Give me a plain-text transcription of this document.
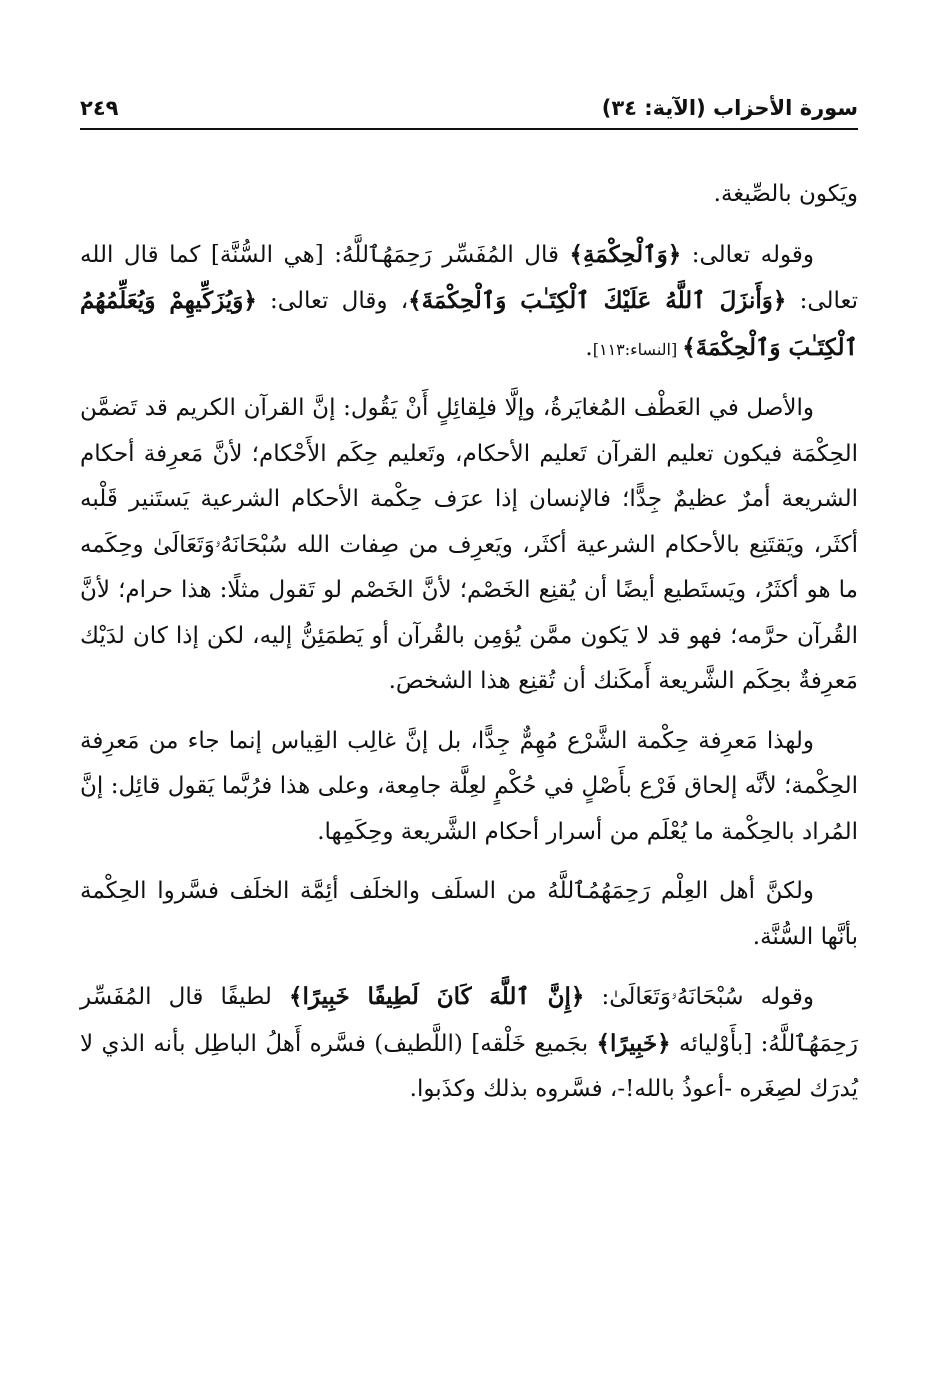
سورة الأحزاب (الآية: ٣٤)
٢٤٩

ويَكون بالصِّيغة.

وقوله تعالى: ﴿وَٱلْحِكْمَةِ﴾ قال المُفَسِّر رَحِمَهُٱللَّهُ: [هي السُّنَّة] كما قال الله تعالى: ﴿وَأَنزَلَ ٱللَّهُ عَلَيْكَ ٱلْكِتَـٰبَ وَٱلْحِكْمَةَ﴾، وقال تعالى: ﴿وَيُزَكِّيهِمْ وَيُعَلِّمُهُمُ ٱلْكِتَـٰبَ وَٱلْحِكْمَةَ﴾ [النساء:١١٣].

والأصل في العَطْف المُغايَرةُ، وإلَّا فلِقائِلٍ أَنْ يَقُول: إنَّ القرآن الكريم قد تَضمَّن الحِكْمَة فيكون تعليم القرآن تَعليم الأحكام، وتَعليم حِكَم الأَحْكام؛ لأنَّ مَعرِفة أحكام الشريعة أمرٌ عظيمٌ جِدًّا؛ فالإنسان إذا عرَف حِكْمة الأحكام الشرعية يَستَنير قَلْبه أكثَر، ويَقتَنِع بالأحكام الشرعية أكثَر، ويَعرِف من صِفات الله سُبْحَانَهُۥوَتَعَالَىٰ وحِكَمه ما هو أكثَرُ، ويَستَطيع أيضًا أن يُقنِع الخَصْم؛ لأنَّ الخَصْم لو تَقول مثلًا: هذا حرام؛ لأنَّ القُرآن حرَّمه؛ فهو قد لا يَكون ممَّن يُؤمِن بالقُرآن أو يَطمَئِنُّ إليه، لكن إذا كان لدَيْك مَعرِفةٌ بحِكَم الشَّريعة أَمكَنك أن تُقنِع هذا الشخصَ.

ولهذا مَعرِفة حِكْمة الشَّرْع مُهِمٌّ جِدًّا، بل إنَّ غالِب القِياس إنما جاء من مَعرِفة الحِكْمة؛ لأنَّه إلحاق فَرْع بأَصْلٍ في حُكْمٍ لعِلَّة جامِعة، وعلى هذا فرُبَّما يَقول قائِل: إنَّ المُراد بالحِكْمة ما يُعْلَم من أسرار أحكام الشَّريعة وحِكَمِها.

ولكنَّ أهل العِلْم رَحِمَهُمُٱللَّهُ من السلَف والخلَف أئِمَّة الخلَف فسَّروا الحِكْمة بأنَّها السُّنَّة.

وقوله سُبْحَانَهُۥوَتَعَالَىٰ: ﴿إِنَّ ٱللَّهَ كَانَ لَطِيفًا خَبِيرًا﴾ لطيفًا قال المُفَسِّر رَحِمَهُٱللَّهُ: [بأَوْليائه ﴿خَبِيرًا﴾ بجَميع خَلْقه] (اللَّطيف) فسَّره أَهلُ الباطِل بأنه الذي لا يُدرَك لصِغَره -أعوذُ بالله!-، فسَّروه بذلك وكذَبوا.
